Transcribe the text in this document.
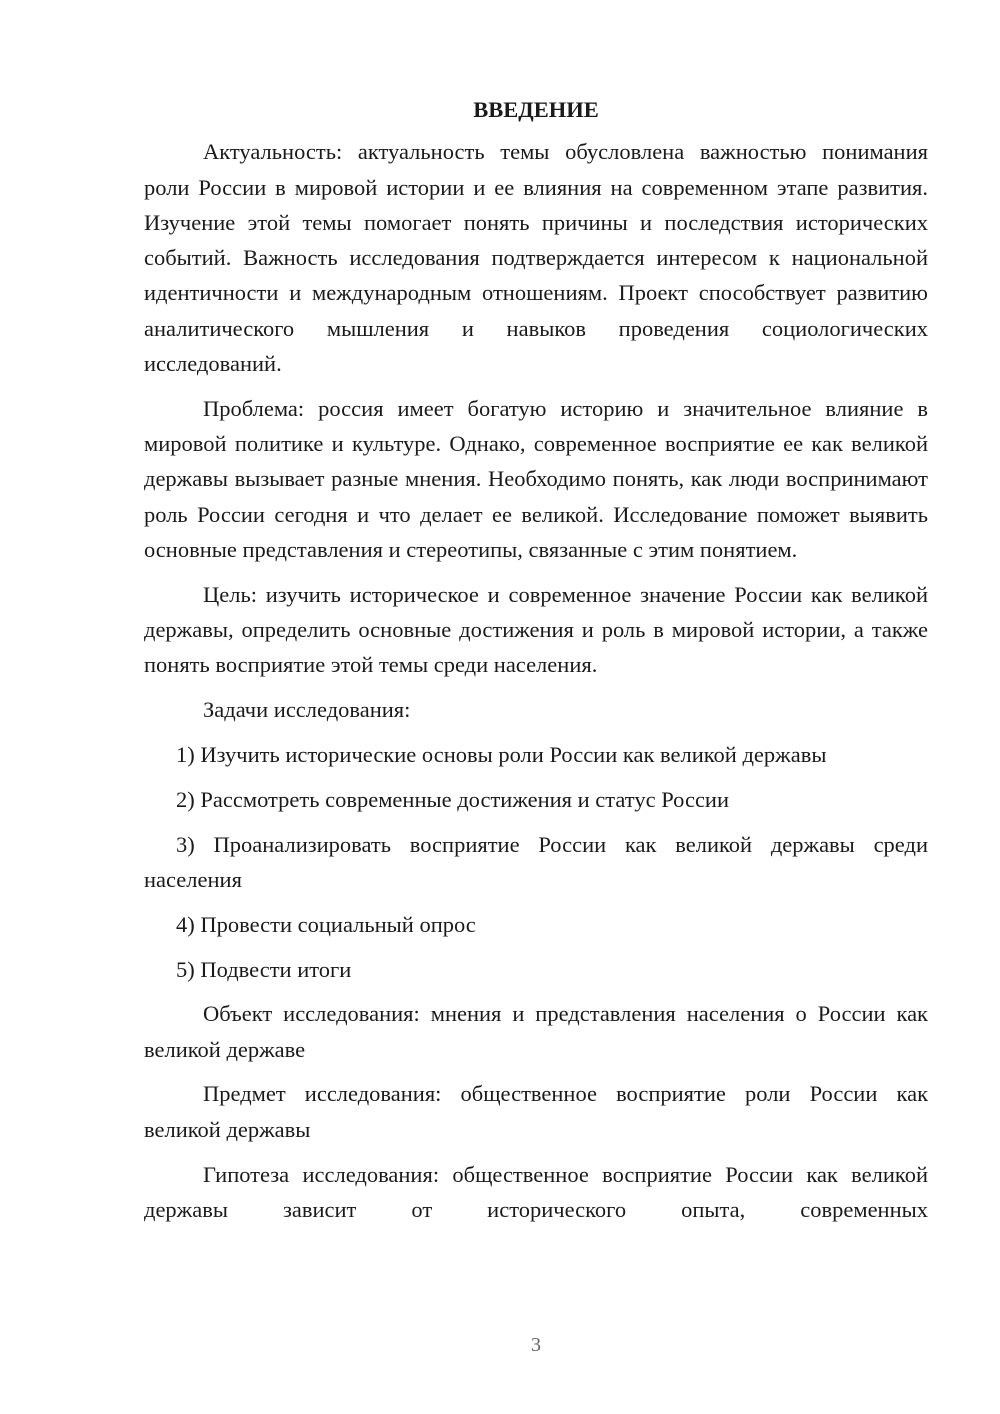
ВВЕДЕНИЕ

Актуальность: актуальность темы обусловлена важностью понимания роли России в мировой истории и ее влияния на современном этапе развития. Изучение этой темы помогает понять причины и последствия исторических событий. Важность исследования подтверждается интересом к национальной идентичности и международным отношениям. Проект способствует развитию аналитического мышления и навыков проведения социологических исследований.

Проблема: россия имеет богатую историю и значительное влияние в мировой политике и культуре. Однако, современное восприятие ее как великой державы вызывает разные мнения. Необходимо понять, как люди воспринимают роль России сегодня и что делает ее великой. Исследование поможет выявить основные представления и стереотипы, связанные с этим понятием.

Цель: изучить историческое и современное значение России как великой державы, определить основные достижения и роль в мировой истории, а также понять восприятие этой темы среди населения.

Задачи исследования:

1) Изучить исторические основы роли России как великой державы

2) Рассмотреть современные достижения и статус России

3) Проанализировать восприятие России как великой державы среди населения

4) Провести социальный опрос

5) Подвести итоги

Объект исследования: мнения и представления населения о России как великой державе

Предмет исследования: общественное восприятие роли России как великой державы

Гипотеза исследования: общественное восприятие России как великой державы зависит от исторического опыта, современных

3
